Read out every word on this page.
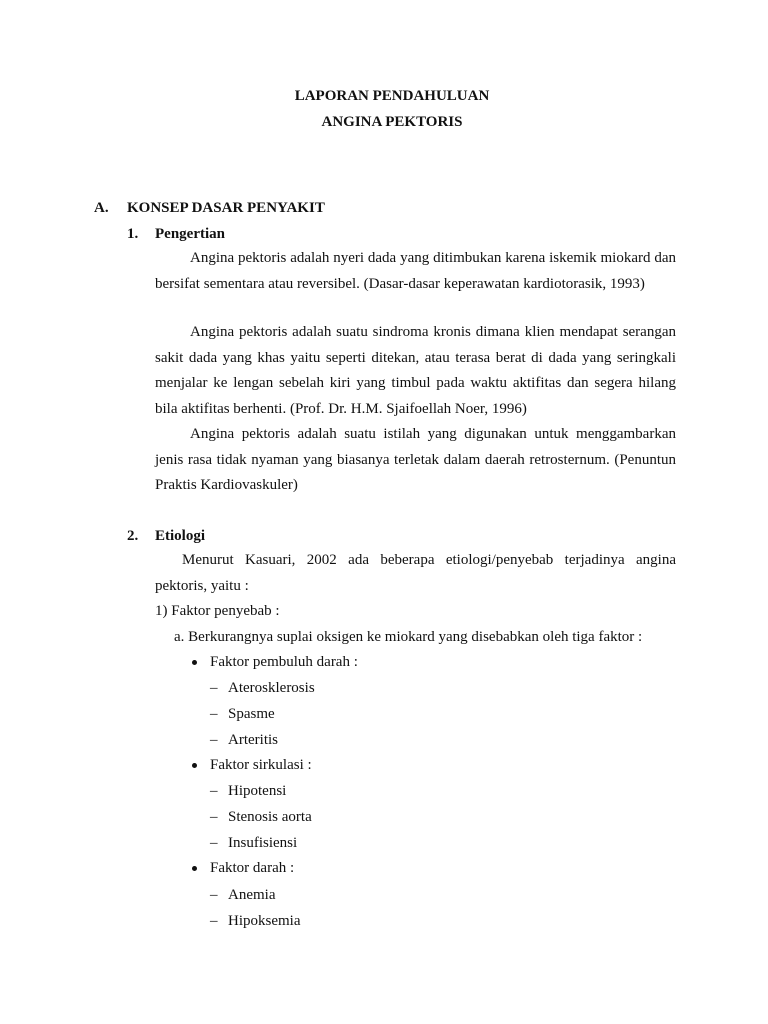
LAPORAN PENDAHULUAN
ANGINA PEKTORIS
A. KONSEP DASAR PENYAKIT
1. Pengertian

Angina pektoris adalah nyeri dada yang ditimbukan karena iskemik miokard dan bersifat sementara atau reversibel. (Dasar-dasar keperawatan kardiotorasik, 1993)

Angina pektoris adalah suatu sindroma kronis dimana klien mendapat serangan sakit dada yang khas yaitu seperti ditekan, atau terasa berat di dada yang seringkali menjalar ke lengan sebelah kiri yang timbul pada waktu aktifitas dan segera hilang bila aktifitas berhenti. (Prof. Dr. H.M. Sjaifoellah Noer, 1996)

Angina pektoris adalah suatu istilah yang digunakan untuk menggambarkan jenis rasa tidak nyaman yang biasanya terletak dalam daerah retrosternum. (Penuntun Praktis Kardiovaskuler)

2. Etiologi

Menurut Kasuari, 2002 ada beberapa etiologi/penyebab terjadinya angina pektoris, yaitu :

1) Faktor penyebab :
a. Berkurangnya suplai oksigen ke miokard yang disebabkan oleh tiga faktor :
Faktor pembuluh darah :
– Aterosklerosis
– Spasme
– Arteritis
Faktor sirkulasi :
– Hipotensi
– Stenosis aorta
– Insufisiensi
Faktor darah :
– Anemia
– Hipoksemia
